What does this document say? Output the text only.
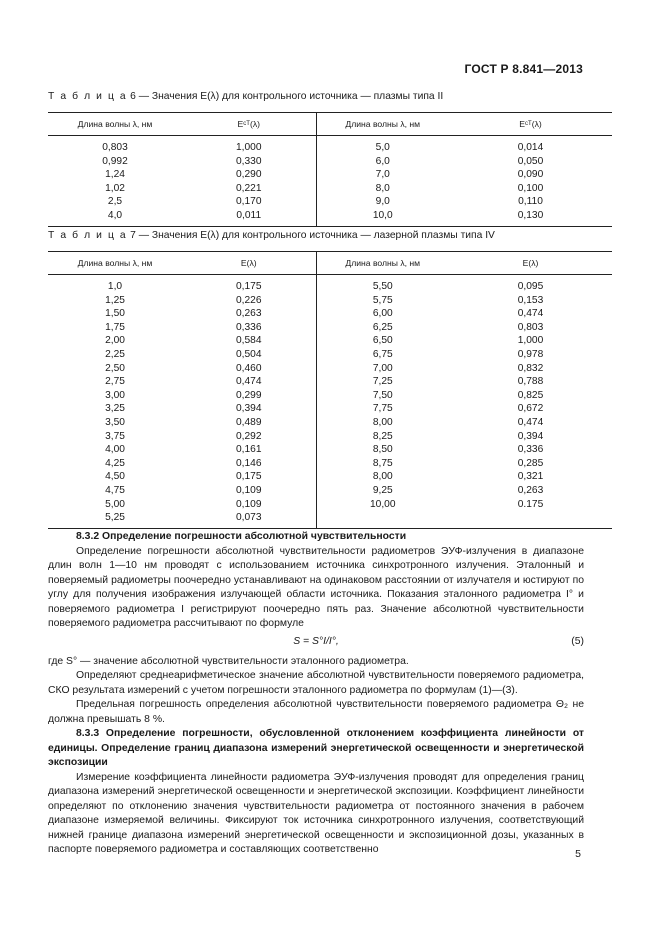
ГОСТ Р 8.841—2013
Т а б л и ц а 6 — Значения E(λ) для контрольного источника — плазмы типа II
Длина волны λ, нм	Eᶜᵀ(λ)	Длина волны λ, нм	Eᶜᵀ(λ)
0,803	1,000	5,0	0,014
0,992	0,330	6,0	0,050
1,24	0,290	7,0	0,090
1,02	0,221	8,0	0,100
2,5	0,170	9,0	0,110
4,0	0,011	10,0	0,130
Т а б л и ц а 7 — Значения E(λ) для контрольного источника — лазерной плазмы типа IV
Длина волны λ, нм	E(λ)	Длина волны λ, нм	E(λ)
1,0	0,175	5,50	0,095
1,25	0,226	5,75	0,153
1,50	0,263	6,00	0,474
1,75	0,336	6,25	0,803
2,00	0,584	6,50	1,000
2,25	0,504	6,75	0,978
2,50	0,460	7,00	0,832
2,75	0,474	7,25	0,788
3,00	0,299	7,50	0,825
3,25	0,394	7,75	0,672
3,50	0,489	8,00	0,474
3,75	0,292	8,25	0,394
4,00	0,161	8,50	0,336
4,25	0,146	8,75	0,285
4,50	0,175	8,00	0,321
4,75	0,109	9,25	0,263
5,00	0,109	10,00	0.175
5,25	0,073		

8.3.2 Определение погрешности абсолютной чувствительности

Определение погрешности абсолютной чувствительности радиометров ЭУФ-излучения в диапазоне длин волн 1—10 нм проводят с использованием источника синхротронного излучения. Эталонный и поверяемый радиометры поочередно устанавливают на одинаковом расстоянии от излучателя и юстируют по углу для получения изображения излучающей области источника. Показания эталонного радиометра I° и поверяемого радиометра I регистрируют поочередно пять раз. Значение абсолютной чувствительности поверяемого радиометра рассчитывают по формуле

S = S°I/I°,	(5)

где S° — значение абсолютной чувствительности эталонного радиометра.

Определяют среднеарифметическое значение абсолютной чувствительности поверяемого радиометра, СКО результата измерений с учетом погрешности эталонного радиометра по формулам (1)—(3).

Предельная погрешность определения абсолютной чувствительности поверяемого радиометра Θ₂ не должна превышать 8 %.

8.3.3 Определение погрешности, обусловленной отклонением коэффициента линейности от единицы. Определение границ диапазона измерений энергетической освещенности и энергетической экспозиции

Измерение коэффициента линейности радиометра ЭУФ-излучения проводят для определения границ диапазона измерений энергетической освещенности и энергетической экспозиции. Коэффициент линейности определяют по отклонению значения чувствительности радиометра от постоянного значения в рабочем диапазоне измеряемой величины. Фиксируют ток источника синхротронного излучения, соответствующий нижней границе диапазона измерений энергетической освещенности и экспозиционной дозы, указанных в паспорте поверяемого радиометра и составляющих соответственно	5
